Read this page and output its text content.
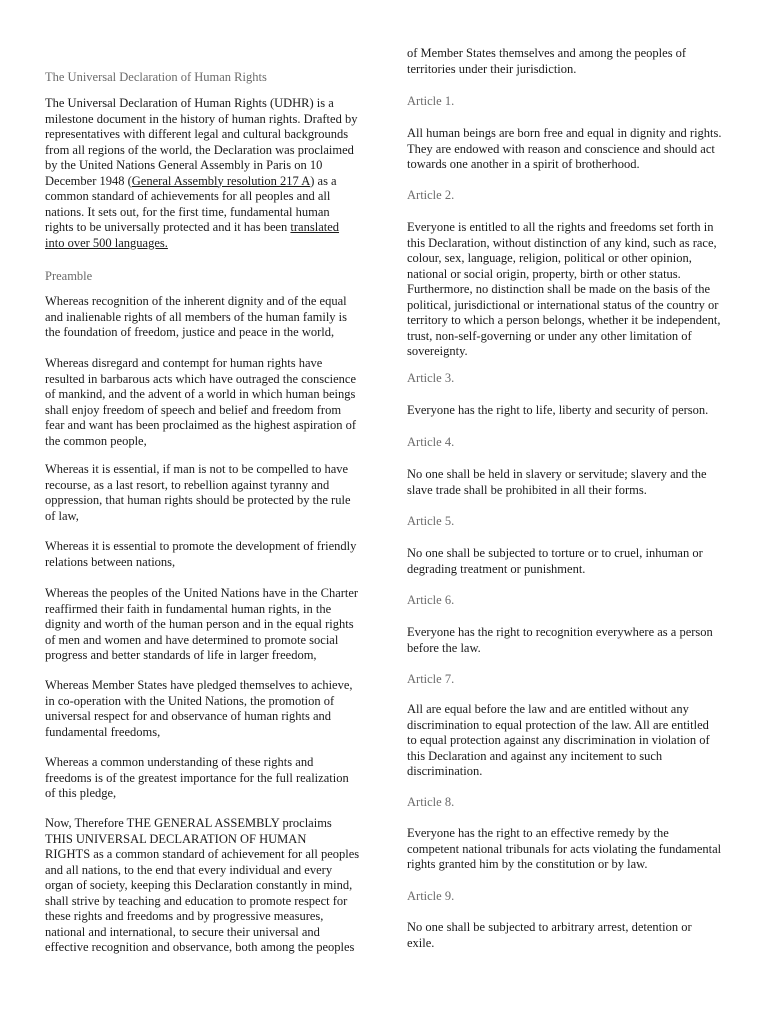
The Universal Declaration of Human Rights

The Universal Declaration of Human Rights (UDHR) is a
milestone document in the history of human rights. Drafted by
representatives with different legal and cultural backgrounds
from all regions of the world, the Declaration was proclaimed
by the United Nations General Assembly in Paris on 10
December 1948 (General Assembly resolution 217 A) as a
common standard of achievements for all peoples and all
nations. It sets out, for the first time, fundamental human
rights to be universally protected and it has been translated
into over 500 languages.

Preamble

Whereas recognition of the inherent dignity and of the equal
and inalienable rights of all members of the human family is
the foundation of freedom, justice and peace in the world,

Whereas disregard and contempt for human rights have
resulted in barbarous acts which have outraged the conscience
of mankind, and the advent of a world in which human beings
shall enjoy freedom of speech and belief and freedom from
fear and want has been proclaimed as the highest aspiration of
the common people,

Whereas it is essential, if man is not to be compelled to have
recourse, as a last resort, to rebellion against tyranny and
oppression, that human rights should be protected by the rule
of law,

Whereas it is essential to promote the development of friendly
relations between nations,

Whereas the peoples of the United Nations have in the Charter
reaffirmed their faith in fundamental human rights, in the
dignity and worth of the human person and in the equal rights
of men and women and have determined to promote social
progress and better standards of life in larger freedom,

Whereas Member States have pledged themselves to achieve,
in co-operation with the United Nations, the promotion of
universal respect for and observance of human rights and
fundamental freedoms,

Whereas a common understanding of these rights and
freedoms is of the greatest importance for the full realization
of this pledge,

Now, Therefore THE GENERAL ASSEMBLY proclaims
THIS UNIVERSAL DECLARATION OF HUMAN
RIGHTS as a common standard of achievement for all peoples
and all nations, to the end that every individual and every
organ of society, keeping this Declaration constantly in mind,
shall strive by teaching and education to promote respect for
these rights and freedoms and by progressive measures,
national and international, to secure their universal and
effective recognition and observance, both among the peoples

of Member States themselves and among the peoples of
territories under their jurisdiction.

Article 1.

All human beings are born free and equal in dignity and rights.
They are endowed with reason and conscience and should act
towards one another in a spirit of brotherhood.

Article 2.

Everyone is entitled to all the rights and freedoms set forth in
this Declaration, without distinction of any kind, such as race,
colour, sex, language, religion, political or other opinion,
national or social origin, property, birth or other status.
Furthermore, no distinction shall be made on the basis of the
political, jurisdictional or international status of the country or
territory to which a person belongs, whether it be independent,
trust, non-self-governing or under any other limitation of
sovereignty.

Article 3.

Everyone has the right to life, liberty and security of person.

Article 4.

No one shall be held in slavery or servitude; slavery and the
slave trade shall be prohibited in all their forms.

Article 5.

No one shall be subjected to torture or to cruel, inhuman or
degrading treatment or punishment.

Article 6.

Everyone has the right to recognition everywhere as a person
before the law.

Article 7.

All are equal before the law and are entitled without any
discrimination to equal protection of the law. All are entitled
to equal protection against any discrimination in violation of
this Declaration and against any incitement to such
discrimination.

Article 8.

Everyone has the right to an effective remedy by the
competent national tribunals for acts violating the fundamental
rights granted him by the constitution or by law.

Article 9.

No one shall be subjected to arbitrary arrest, detention or
exile.
